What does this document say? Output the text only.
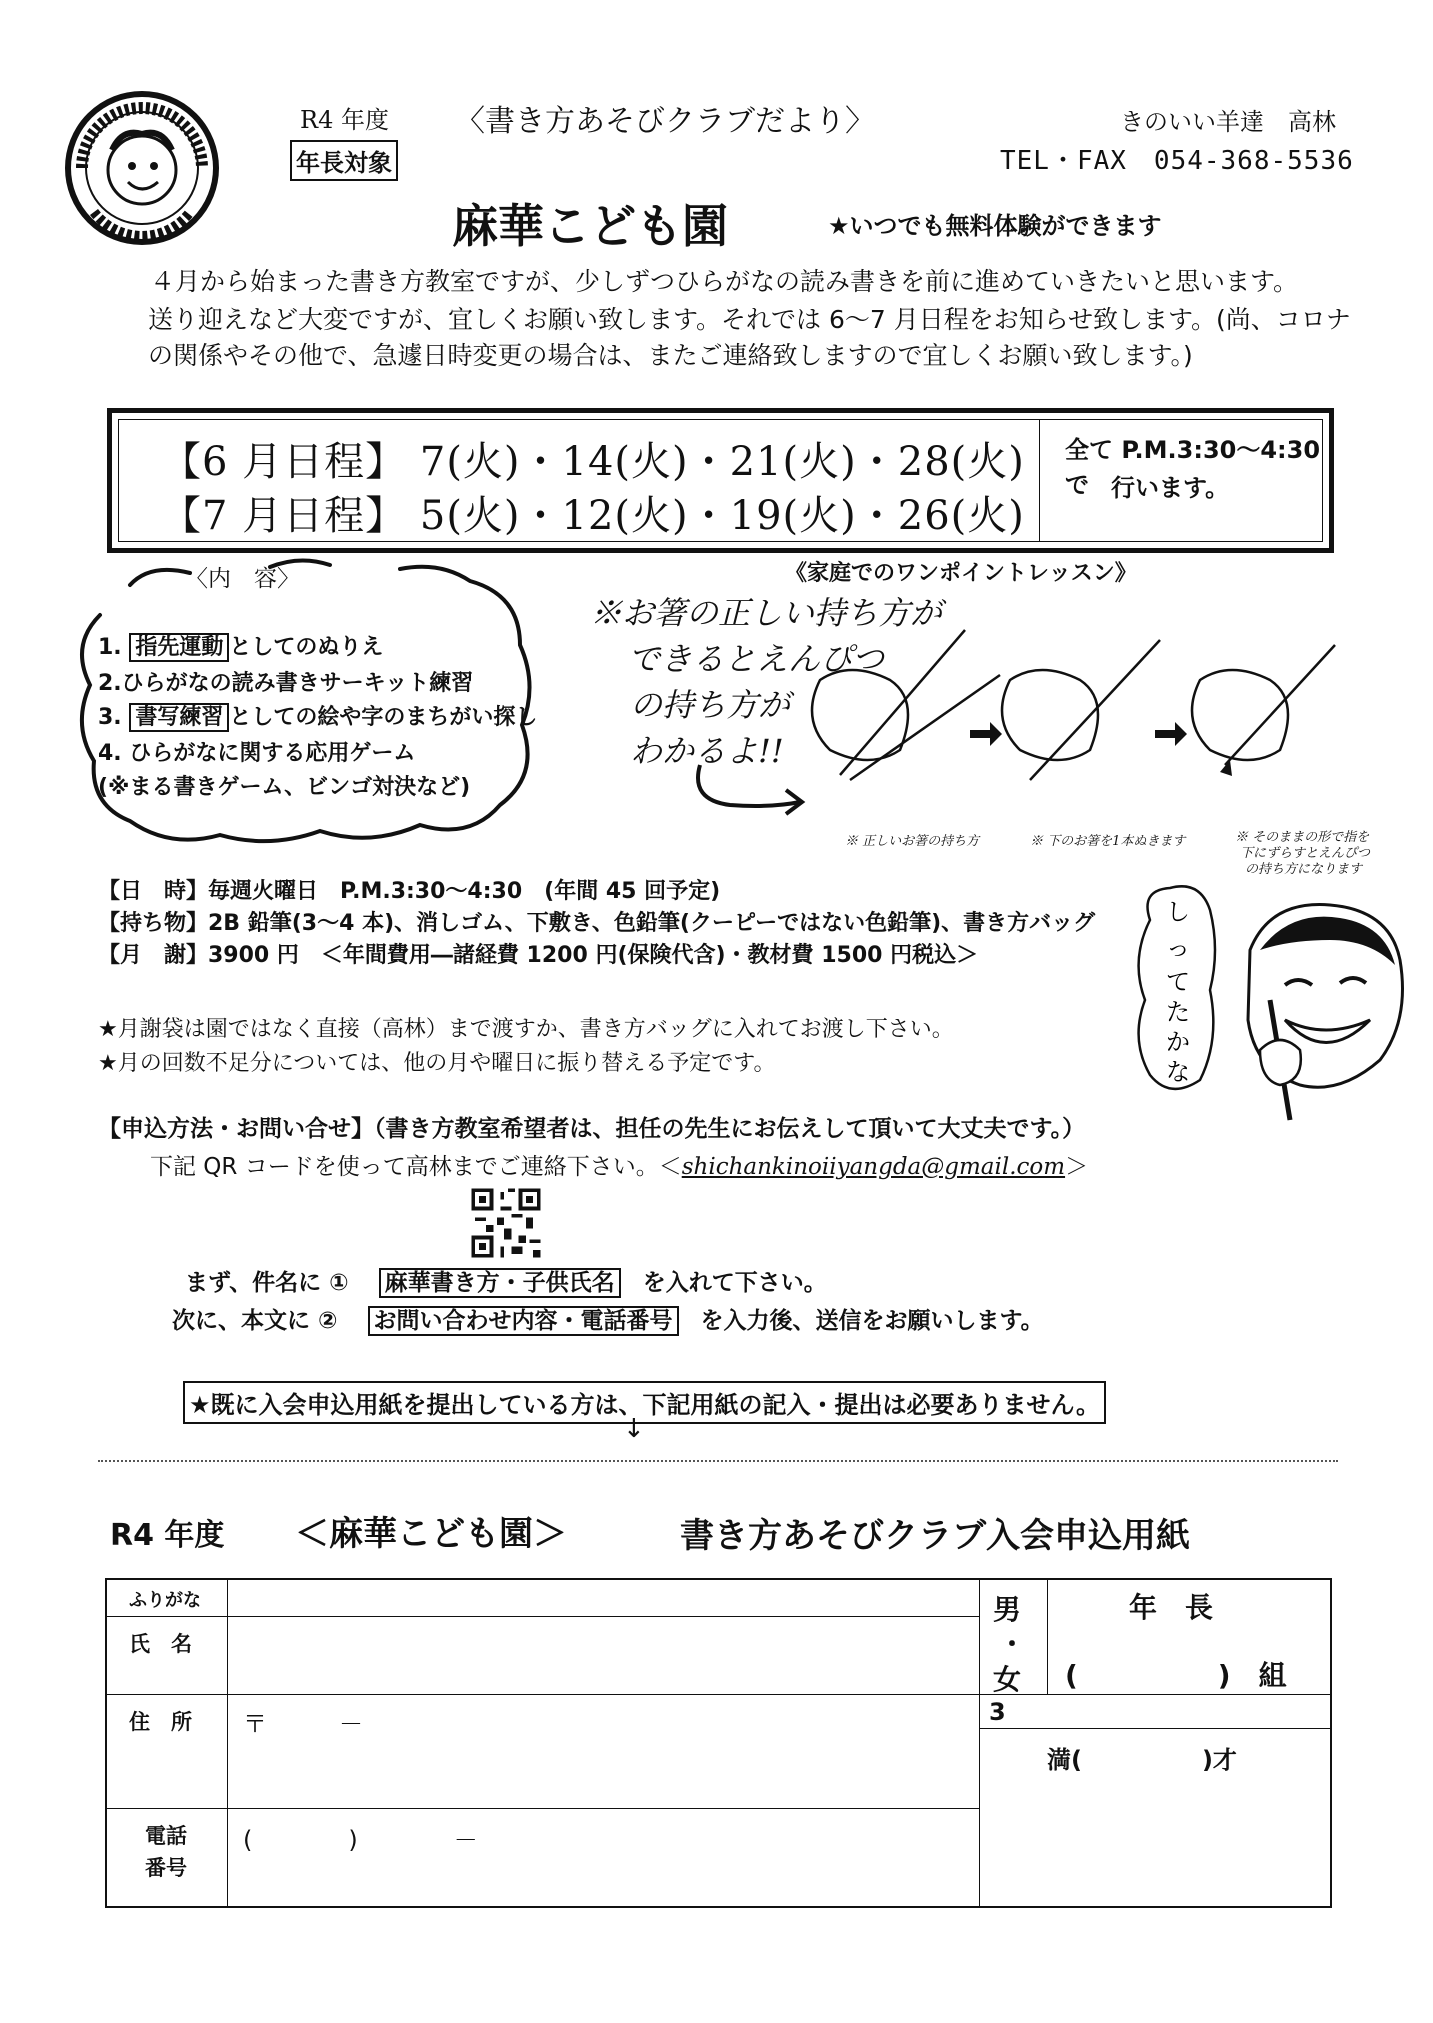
R4 年度
年長対象
〈書き方あそびクラブだより〉	きのいい羊達　高林
TEL・FAX　054-368-5536
麻華こども園	★いつでも無料体験ができます
４月から始まった書き方教室ですが、少しずつひらがなの読み書きを前に進めていきたいと思います。
送り迎えなど大変ですが、宜しくお願い致します。それでは 6～7 月日程をお知らせ致します。(尚、コロナ
の関係やその他で、急遽日時変更の場合は、またご連絡致しますので宜しくお願い致します。)
【6 月日程】 7(火)・14(火)・21(火)・28(火)
【7 月日程】 5(火)・12(火)・19(火)・26(火)
全て P.M.3:30～4:30　で 行います。
〈内　容〉
1. 指先運動 としてのぬりえ
2.ひらがなの読み書きサーキット練習
3. 書写練習 としての絵や字のまちがい探し
4. ひらがなに関する応用ゲーム
(※まる書きゲーム、ビンゴ対決など)
《家庭でのワンポイントレッスン》
※お箸の正しい持ち方が
できるとえんぴつ
の持ち方が
わかるよ!!
※ 正しいお箸の持ち方	※ 下のお箸を1本ぬきます	※ そのままの形で指を
下にずらすとえんぴつ
の持ち方になります
【日　時】毎週火曜日　P.M.3:30～4:30　(年間 45 回予定)
【持ち物】2B 鉛筆(3～4 本)、消しゴム、下敷き、色鉛筆(クーピーではない色鉛筆)、書き方バッグ
【月　謝】3900 円　＜年間費用―諸経費 1200 円(保険代含)・教材費 1500 円税込＞
★月謝袋は園ではなく直接（高林）まで渡すか、書き方バッグに入れてお渡し下さい。
★月の回数不足分については、他の月や曜日に振り替える予定です。
し
っ
て
た
か
な
【申込方法・お問い合せ】（書き方教室希望者は、担任の先生にお伝えして頂いて大丈夫です。）
下記 QR コードを使って高林までご連絡下さい。＜shichankinoiiyangda@gmail.com＞
まず、件名に ① 麻華書き方・子供氏名 を入れて下さい。
次に、本文に ② お問い合わせ内容・電話番号 を入力後、送信をお願いします。
★既に入会申込用紙を提出している方は、下記用紙の記入・提出は必要ありません。
↓
R4 年度 ＜麻華こども園＞	書き方あそびクラブ入会申込用紙
ふりがな
氏　名
住　所 〒　　　－
電話
番号
(　　　　)　　　　－
男
・
女
年　長
(　　　　　)　組
3
満(　　　　　)才
